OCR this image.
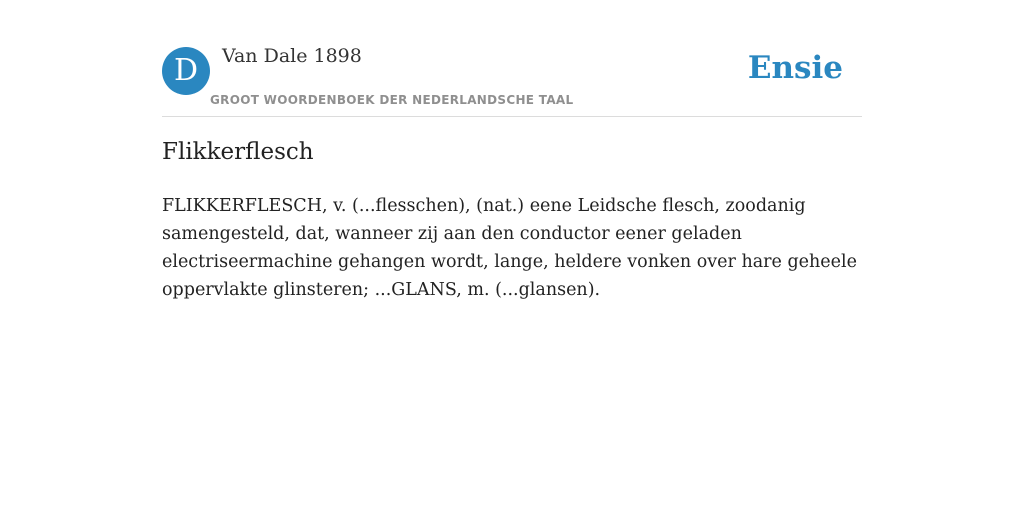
D	Van Dale 1898
GROOT WOORDENBOEK DER NEDERLANDSCHE TAAL
Ensie
Flikkerflesch

FLIKKERFLESCH, v. (...flesschen), (nat.) eene Leidsche flesch, zoodanig samengesteld, dat, wanneer zij aan den conductor eener geladen electriseermachine gehangen wordt, lange, heldere vonken over hare geheele oppervlakte glinsteren; ...GLANS, m. (...glansen).
